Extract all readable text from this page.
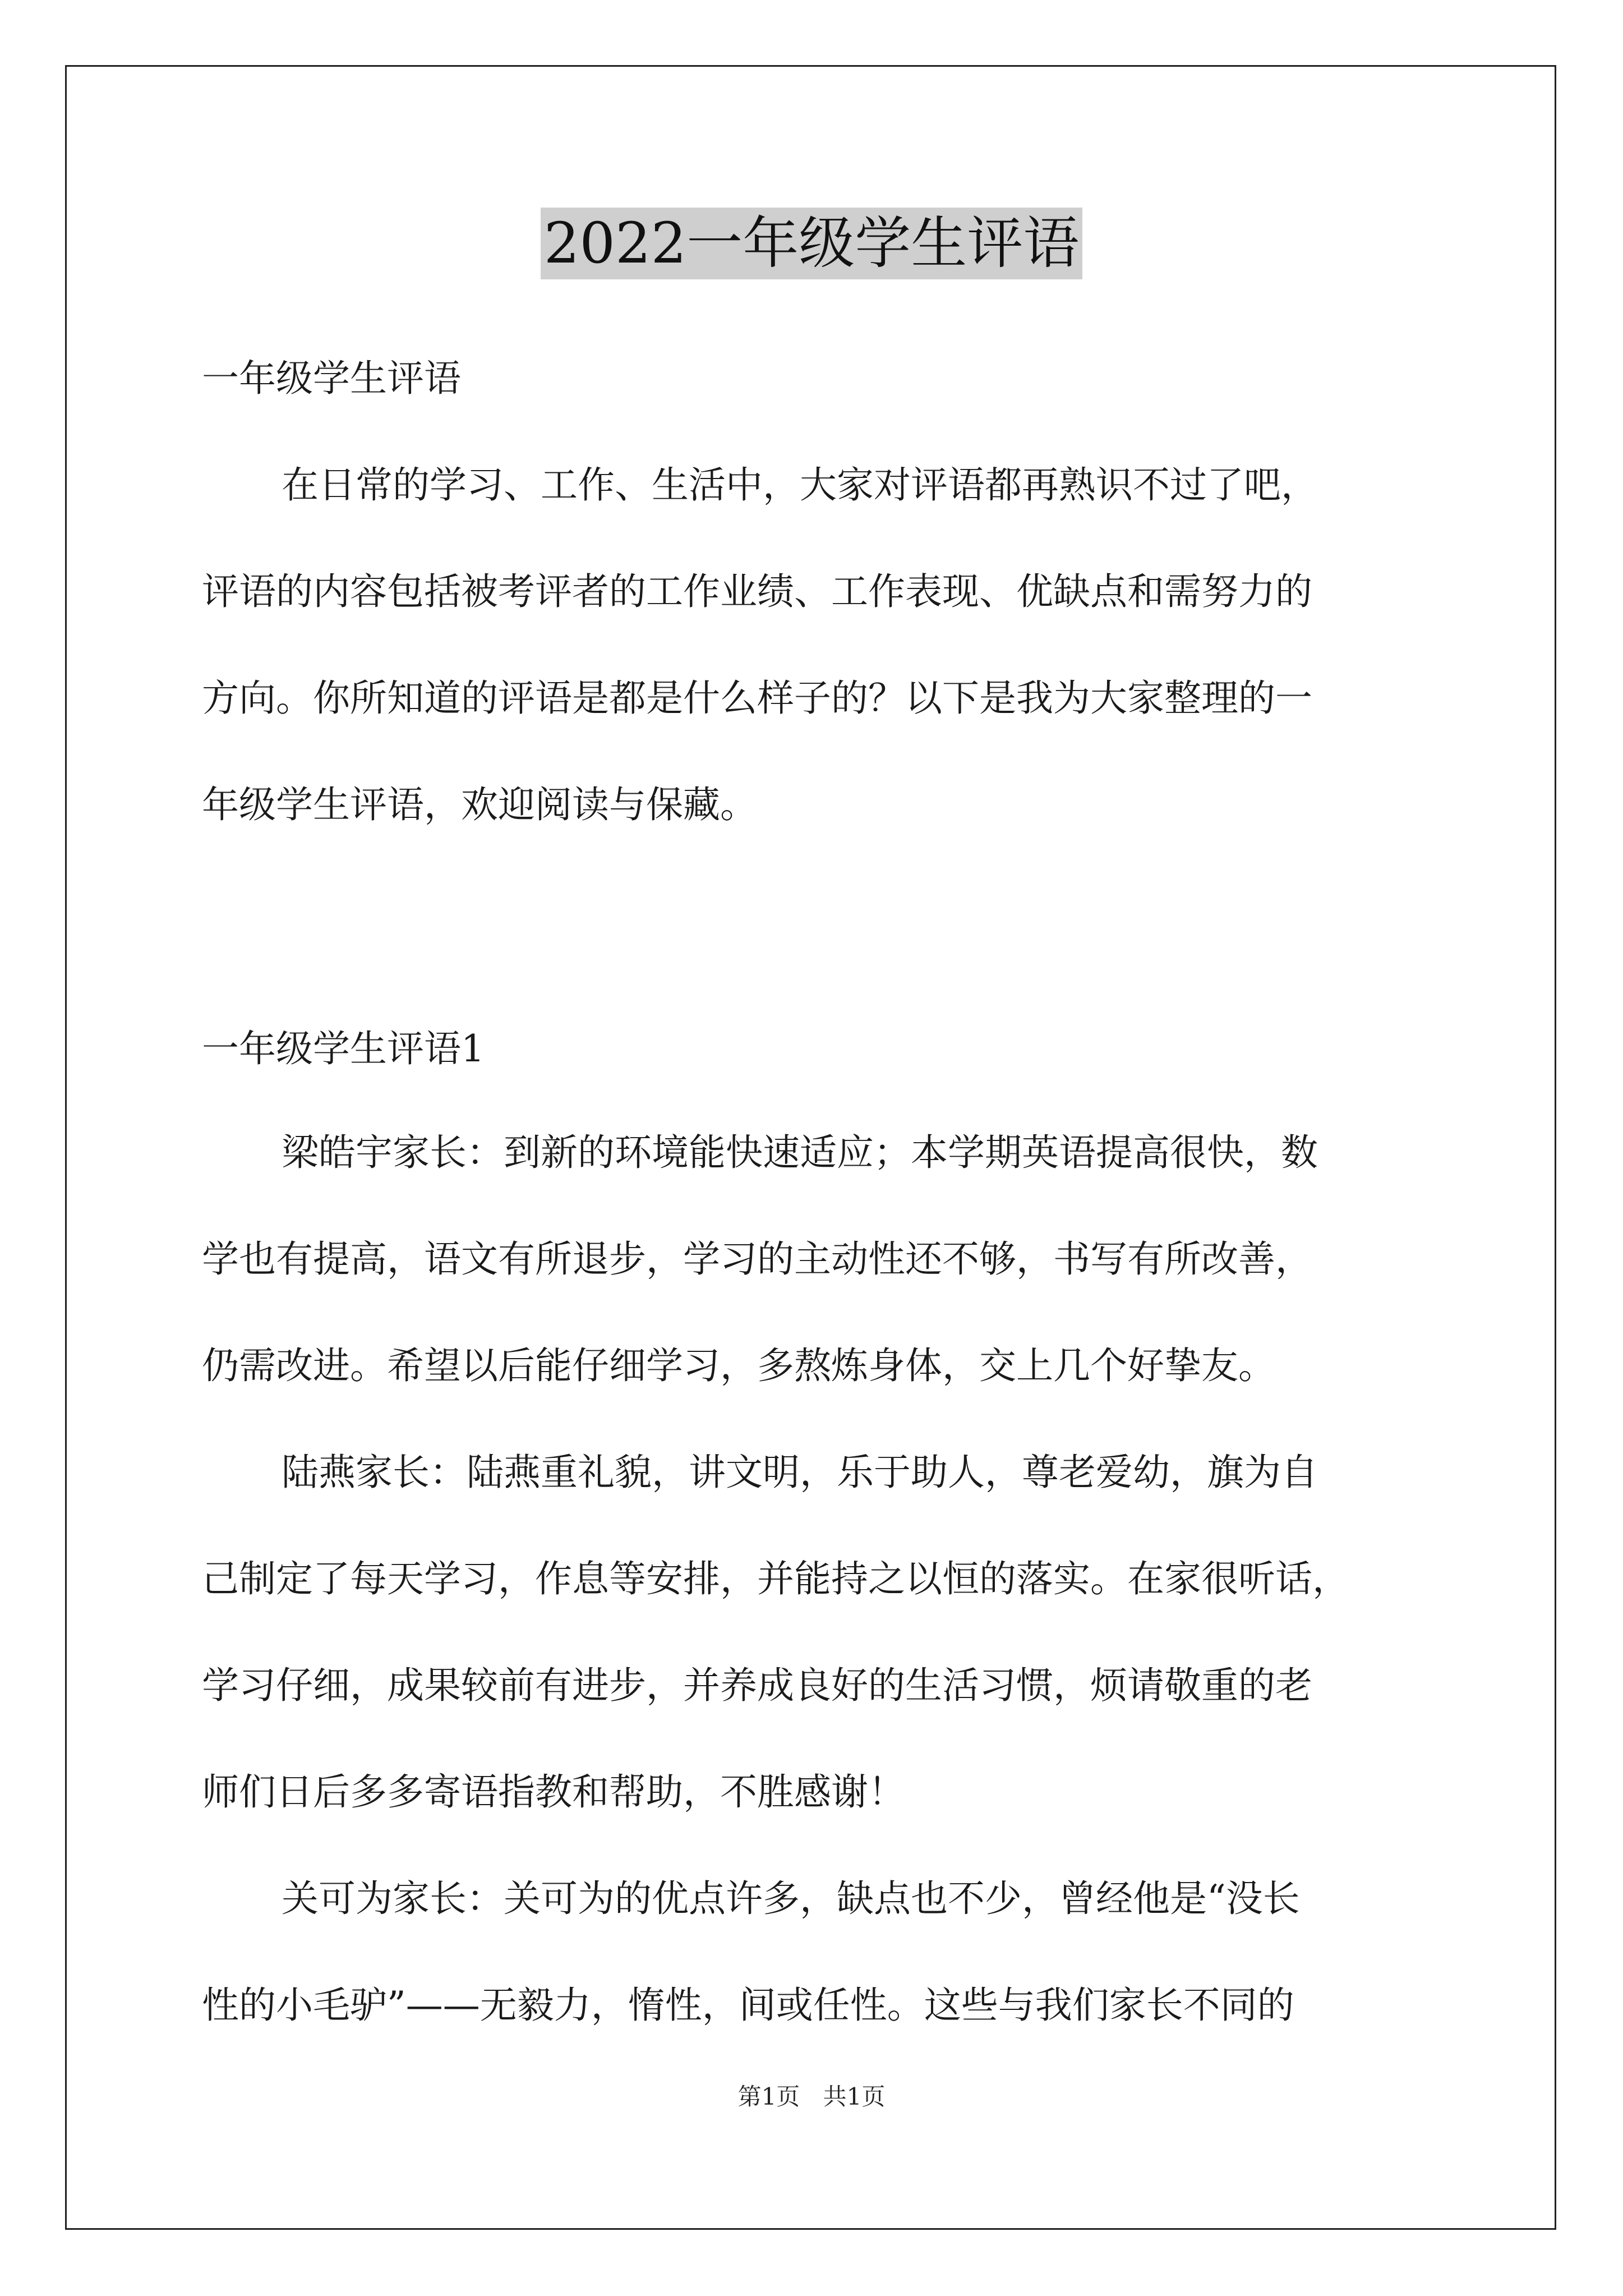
2022一年级学生评语
一年级学生评语
在日常的学习、工作、生活中，大家对评语都再熟识不过了吧，
评语的内容包括被考评者的工作业绩、工作表现、优缺点和需努力的
方向。你所知道的评语是都是什么样子的？以下是我为大家整理的一
年级学生评语，欢迎阅读与保藏。
一年级学生评语1
梁皓宇家长：到新的环境能快速适应；本学期英语提高很快，数
学也有提高，语文有所退步，学习的主动性还不够，书写有所改善，
仍需改进。希望以后能仔细学习，多熬炼身体，交上几个好挚友。
陆燕家长：陆燕重礼貌，讲文明，乐于助人，尊老爱幼，旗为自
己制定了每天学习，作息等安排，并能持之以恒的落实。在家很听话，
学习仔细，成果较前有进步，并养成良好的生活习惯，烦请敬重的老
师们日后多多寄语指教和帮助，不胜感谢！
关可为家长：关可为的优点许多，缺点也不少，曾经他是“没长
性的小毛驴”——无毅力，惰性，间或任性。这些与我们家长不同的
第1页 共1页
